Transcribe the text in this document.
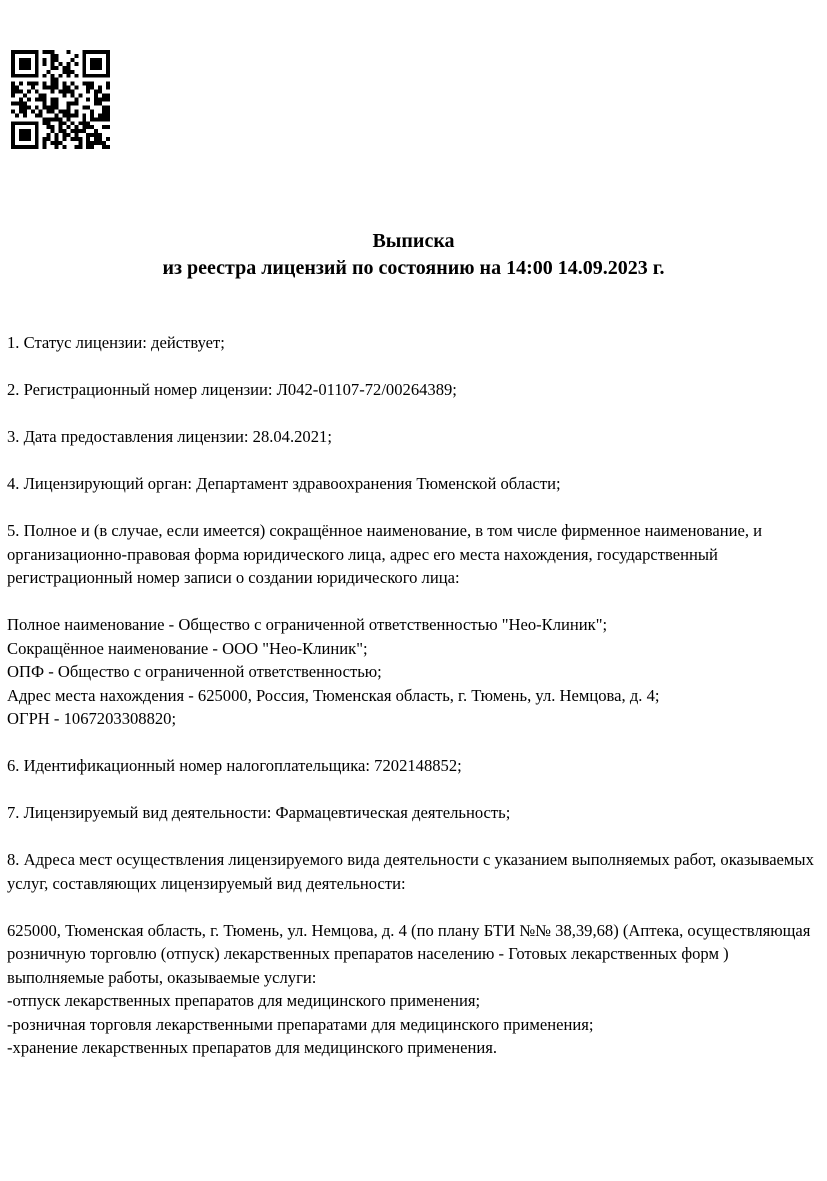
Выписка
из реестра лицензий по состоянию на 14:00 14.09.2023 г.

1. Статус лицензии: действует;

2. Регистрационный номер лицензии: Л042-01107-72/00264389;

3. Дата предоставления лицензии: 28.04.2021;

4. Лицензирующий орган: Департамент здравоохранения Тюменской области;

5. Полное и (в случае, если имеется) сокращённое наименование, в том числе фирменное наименование, и организационно-правовая форма юридического лица, адрес его места нахождения, государственный регистрационный номер записи о создании юридического лица:

Полное наименование - Общество с ограниченной ответственностью "Нео-Клиник";

Сокращённое наименование - ООО "Нео-Клиник";

ОПФ - Общество с ограниченной ответственностью;

Адрес места нахождения - 625000, Россия, Тюменская область, г. Тюмень, ул. Немцова, д. 4;

ОГРН - 1067203308820;

6. Идентификационный номер налогоплательщика: 7202148852;

7. Лицензируемый вид деятельности: Фармацевтическая деятельность;

8. Адреса мест осуществления лицензируемого вида деятельности с указанием выполняемых работ, оказываемых услуг, составляющих лицензируемый вид деятельности:

625000, Тюменская область, г. Тюмень, ул. Немцова, д. 4 (по плану БТИ №№ 38,39,68) (Аптека, осуществляющая розничную торговлю (отпуск) лекарственных препаратов населению - Готовых лекарственных форм )

выполняемые работы, оказываемые услуги:

-отпуск лекарственных препаратов для медицинского применения;

-розничная торговля лекарственными препаратами для медицинского применения;

-хранение лекарственных препаратов для медицинского применения.
